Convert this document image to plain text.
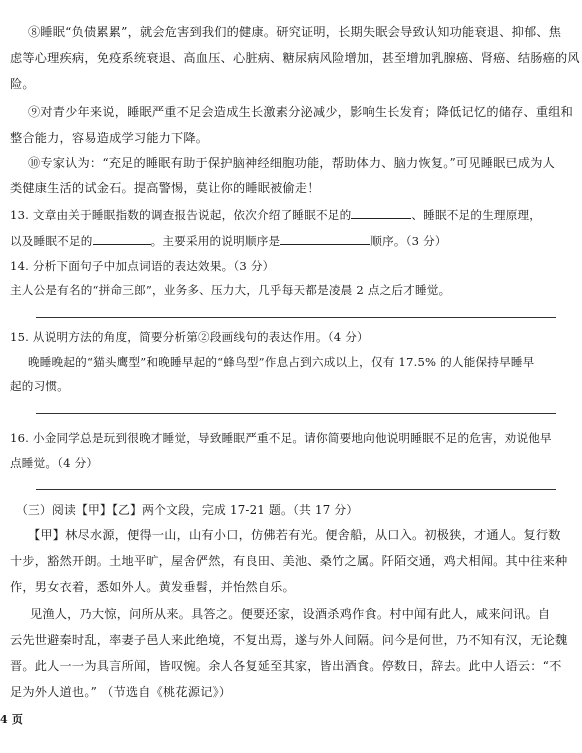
⑧睡眠“负债累累”，就会危害到我们的健康。研究证明，长期失眠会导致认知功能衰退、抑郁、焦
虑等心理疾病，免疫系统衰退、高血压、心脏病、糖尿病风险增加，甚至增加乳腺癌、肾癌、结肠癌的风
险。
⑨对青少年来说，睡眠严重不足会造成生长激素分泌减少，影响生长发育；降低记忆的储存、重组和
整合能力，容易造成学习能力下降。
⑩专家认为：“充足的睡眠有助于保护脑神经细胞功能，帮助体力、脑力恢复。”可见睡眠已成为人
类健康生活的试金石。提高警惕，莫让你的睡眠被偷走！
13. 文章由关于睡眠指数的调查报告说起，依次介绍了睡眠不足的	、睡眠不足的生理原理，
以及睡眠不足的	。主要采用的说明顺序是	顺序。（3 分）
14. 分析下面句子中加点词语的表达效果。（3 分）
主人公是有名的“拼命三郎”，业务多、压力大，几乎每天都是凌晨 2 点之后才睡觉。
15. 从说明方法的角度，简要分析第②段画线句的表达作用。（4 分）
晚睡晚起的“猫头鹰型”和晚睡早起的“蜂鸟型”作息占到六成以上，仅有 17.5% 的人能保持早睡早
起的习惯。
16. 小金同学总是玩到很晚才睡觉，导致睡眠严重不足。请你简要地向他说明睡眠不足的危害，劝说他早
点睡觉。（4 分）
（三）阅读【甲】【乙】两个文段，完成 17-21 题。（共 17 分）
【甲】林尽水源，便得一山，山有小口，仿佛若有光。便舍船，从口入。初极狭，才通人。复行数
十步，豁然开朗。土地平旷，屋舍俨然，有良田、美池、桑竹之属。阡陌交通，鸡犬相闻。其中往来种
作，男女衣着，悉如外人。黄发垂髫，并怡然自乐。
见渔人，乃大惊，问所从来。具答之。便要还家，设酒杀鸡作食。村中闻有此人，咸来问讯。自
云先世避秦时乱，率妻子邑人来此绝境，不复出焉，遂与外人间隔。问今是何世，乃不知有汉，无论魏
晋。此人一一为具言所闻，皆叹惋。余人各复延至其家，皆出酒食。停数日，辞去。此中人语云：“不
足为外人道也。” （节选自《桃花源记》）
4 页
